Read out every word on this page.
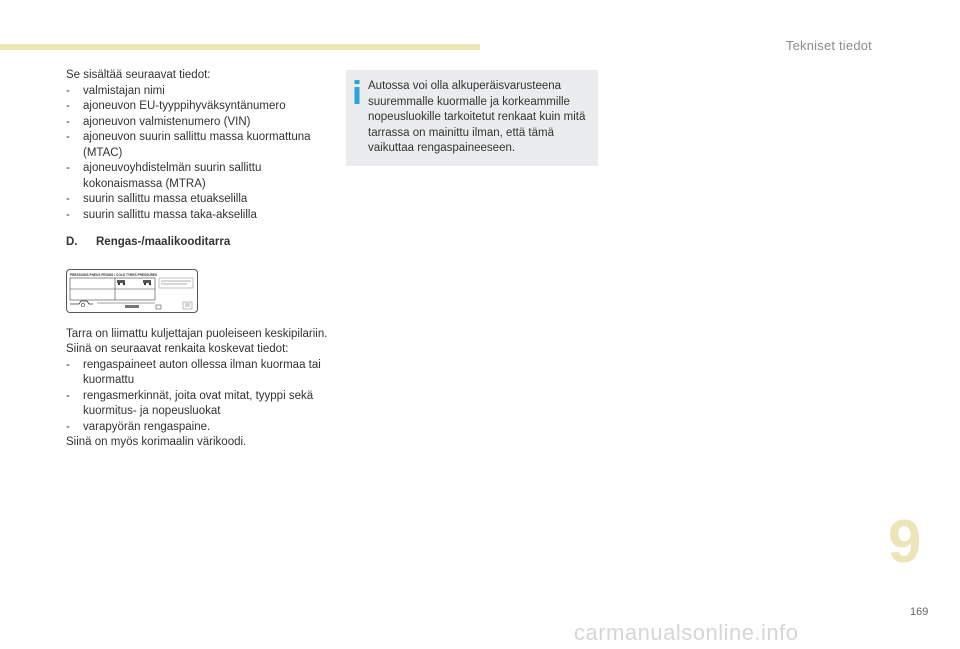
Tekniset tiedot

Se sisältää seuraavat tiedot:

-	valmistajan nimi
-	ajoneuvon EU-tyyppihyväksyntänumero
-	ajoneuvon valmistenumero (VIN)
-	ajoneuvon suurin sallittu massa kuormattuna (MTAC)
-	ajoneuvoyhdistelmän suurin sallittu kokonaismassa (MTRA)
-	suurin sallittu massa etuakselilla
-	suurin sallittu massa taka-akselilla

D. Rengas-/maalikooditarra

PRESSIONS PNEUS FROIDS / COLD TYRES PRESSURES

Tarra on liimattu kuljettajan puoleiseen keskipilariin.

Siinä on seuraavat renkaita koskevat tiedot:

-	rengaspaineet auton ollessa ilman kuormaa tai kuormattu
-	rengasmerkinnät, joita ovat mitat, tyyppi sekä kuormitus- ja nopeusluokat
-	varapyörän rengaspaine.

Siinä on myös korimaalin värikoodi.

Autossa voi olla alkuperäisvarusteena suuremmalle kuormalle ja korkeammille nopeusluokille tarkoitetut renkaat kuin mitä tarrassa on mainittu ilman, että tämä vaikuttaa rengaspaineeseen.
9
169
carmanualsonline.info
